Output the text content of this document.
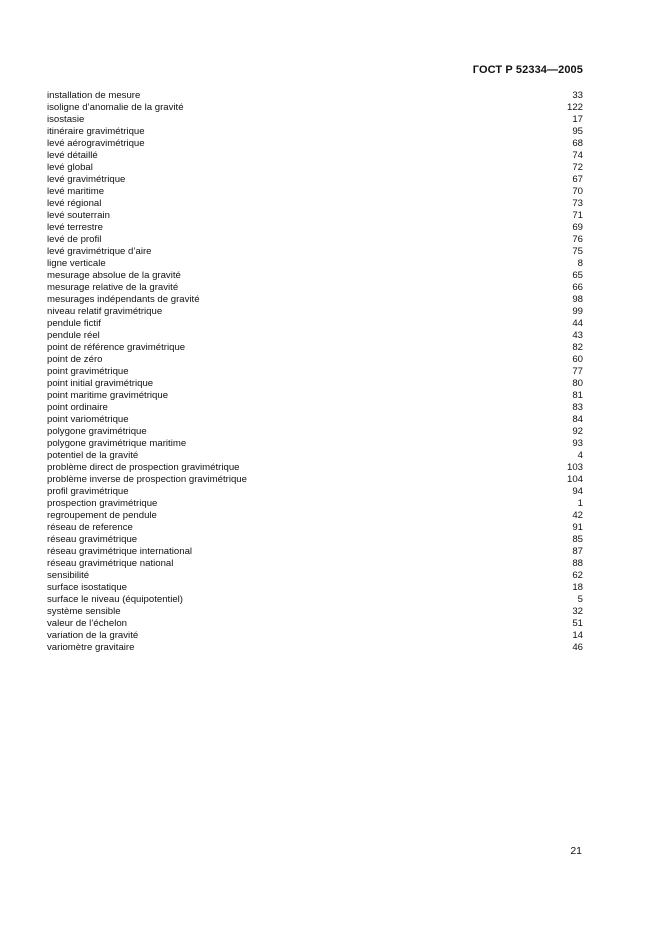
ГОСТ Р 52334—2005
installation de mesure	33
isoligne d’anomalie de la gravité	122
isostasie	17
itinéraire gravimétrique	95
levé aérogravimétrique	68
levé détaillé	74
levé global	72
levé gravimétrique	67
levé maritime	70
levé régional	73
levé souterrain	71
levé terrestre	69
levé de profil	76
levé gravimétrique d’aire	75
ligne verticale	8
mesurage absolue de la gravité	65
mesurage relative de la gravité	66
mesurages indépendants de gravité	98
niveau relatif gravimétrique	99
pendule fictif	44
pendule réel	43
point de référence gravimétrique	82
point de zéro	60
point gravimétrique	77
point initial gravimétrique	80
point maritime gravimétrique	81
point ordinaire	83
point variométrique	84
polygone gravimétrique	92
polygone gravimétrique maritime	93
potentiel de la gravité	4
problème direct de prospection gravimétrique	103
problème inverse de prospection gravimétrique	104
profil gravimétrique	94
prospection gravimétrique	1
regroupement de pendule	42
réseau de reference	91
réseau gravimétrique	85
réseau gravimétrique international	87
réseau gravimétrique national	88
sensibilité	62
surface isostatique	18
surface le niveau (équipotentiel)	5
système sensible	32
valeur de l’échelon	51
variation de la gravité	14
variomètre gravitaire	46
21
